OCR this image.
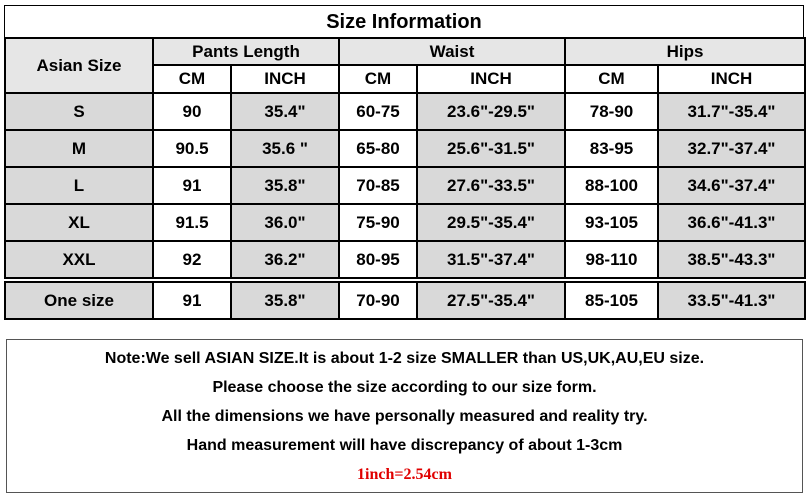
Size Information
Asian Size	Pants Length		Waist		Hips	
	CM	INCH	CM	INCH	CM	INCH
S	90	35.4"	60-75	23.6"-29.5"	78-90	31.7"-35.4"
M	90.5	35.6 "	65-80	25.6"-31.5"	83-95	32.7"-37.4"
L	91	35.8"	70-85	27.6"-33.5"	88-100	34.6"-37.4"
XL	91.5	36.0"	75-90	29.5"-35.4"	93-105	36.6"-41.3"
XXL	92	36.2"	80-95	31.5"-37.4"	98-110	38.5"-43.3"

One size	91	35.8"	70-90	27.5"-35.4"	85-105	33.5"-41.3"
Note:We sell ASIAN SIZE.It is about 1-2 size SMALLER than US,UK,AU,EU size.
Please choose the size according to our size form.
All the dimensions we have personally measured and reality try.
Hand measurement will have discrepancy of about 1-3cm
1inch=2.54cm
